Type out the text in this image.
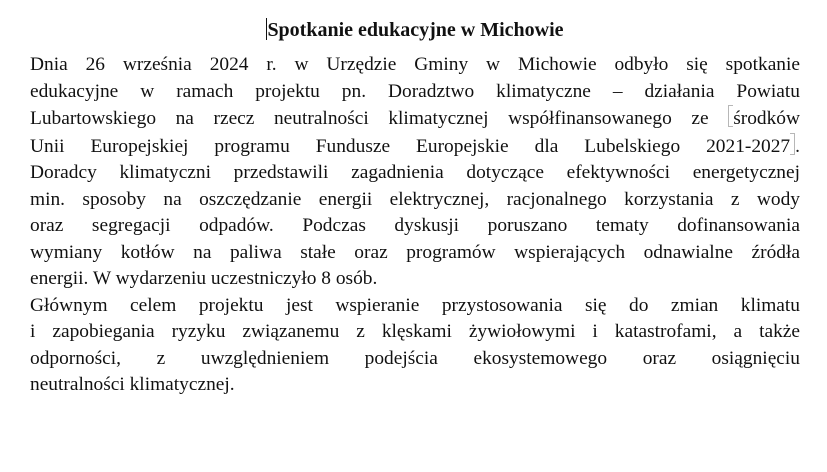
Spotkanie edukacyjne w Michowie

Dnia 26 września 2024 r. w Urzędzie Gminy w Michowie odbyło się spotkanie
edukacyjne w ramach projektu pn. Doradztwo klimatyczne – działania Powiatu
Lubartowskiego na rzecz neutralności klimatycznej współfinansowanego ze środków
Unii Europejskiej programu Fundusze Europejskie dla Lubelskiego 2021-2027 .
Doradcy klimatyczni przedstawili zagadnienia dotyczące efektywności energetycznej
min. sposoby na oszczędzanie energii elektrycznej, racjonalnego korzystania z wody
oraz segregacji odpadów. Podczas dyskusji poruszano tematy dofinansowania
wymiany kotłów na paliwa stałe oraz programów wspierających odnawialne źródła
energii. W wydarzeniu uczestniczyło 8 osób.

Głównym celem projektu jest wspieranie przystosowania się do zmian klimatu
i zapobiegania ryzyku związanemu z klęskami żywiołowymi i katastrofami, a także
odporności, z uwzględnieniem podejścia ekosystemowego oraz osiągnięciu
neutralności klimatycznej.
